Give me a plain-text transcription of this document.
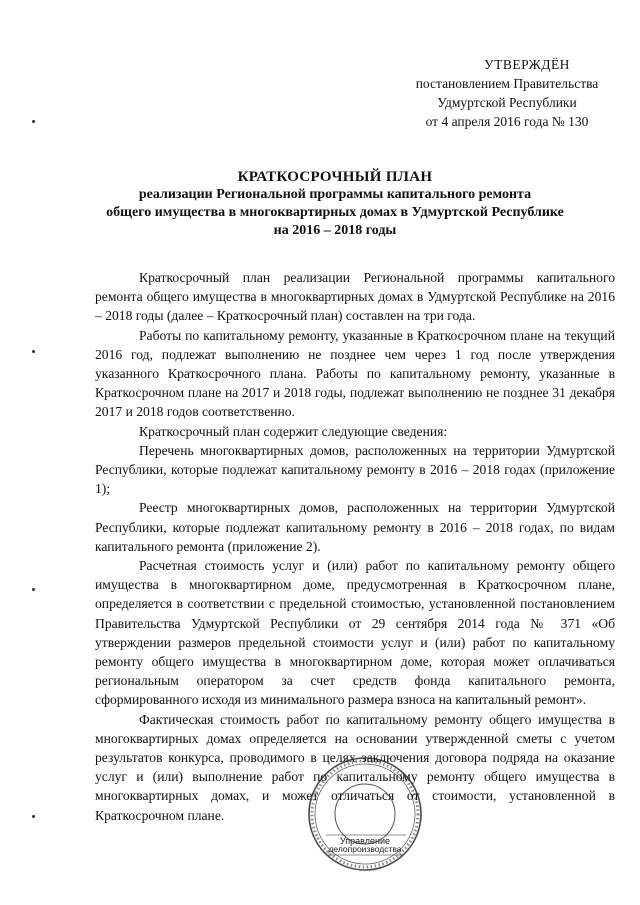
УТВЕРЖДЁН
постановлением Правительства
Удмуртской Республики
от 4 апреля 2016 года № 130
КРАТКОСРОЧНЫЙ ПЛАН
реализации Региональной программы капитального ремонта
общего имущества в многоквартирных домах в Удмуртской Республике
на 2016 – 2018 годы

Краткосрочный план реализации Региональной программы капитального ремонта общего имущества в многоквартирных домах в Удмуртской Республике на 2016 – 2018 годы (далее – Краткосрочный план) составлен на три года.

Работы по капитальному ремонту, указанные в Краткосрочном плане на текущий 2016 год, подлежат выполнению не позднее чем через 1 год после утверждения указанного Краткосрочного плана. Работы по капитальному ремонту, указанные в Краткосрочном плане на 2017 и 2018 годы, подлежат выполнению не позднее 31 декабря 2017 и 2018 годов соответственно.

Краткосрочный план содержит следующие сведения:

Перечень многоквартирных домов, расположенных на территории Удмуртской Республики, которые подлежат капитальному ремонту в 2016 – 2018 годах (приложение 1);

Реестр многоквартирных домов, расположенных на территории Удмуртской Республики, которые подлежат капитальному ремонту в 2016 – 2018 годах, по видам капитального ремонта (приложение 2).

Расчетная стоимость услуг и (или) работ по капитальному ремонту общего имущества в многоквартирном доме, предусмотренная в Краткосрочном плане, определяется в соответствии с предельной стоимостью, установленной постановлением Правительства Удмуртской Республики от 29 сентября 2014 года № 371 «Об утверждении размеров предельной стоимости услуг и (или) работ по капитальному ремонту общего имущества в многоквартирном доме, которая может оплачиваться региональным оператором за счет средств фонда капитального ремонта, сформированного исходя из минимального размера взноса на капитальный ремонт».

Фактическая стоимость работ по капитальному ремонту общего имущества в многоквартирных домах определяется на основании утвержденной сметы с учетом результатов конкурса, проводимого в целях заключения договора подряда на оказание услуг и (или) выполнение работ по капитальному ремонту общего имущества в многоквартирных домах, и может отличаться от стоимости, установленной в Краткосрочном плане.

Управление
делопроизводства
